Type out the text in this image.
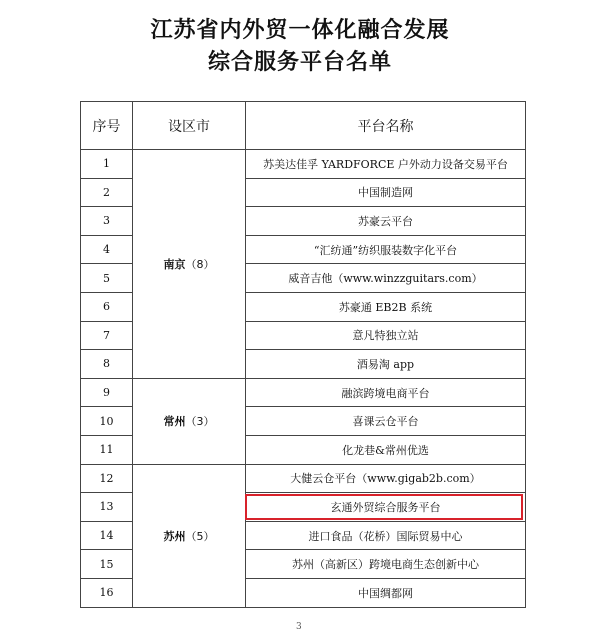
江苏省内外贸一体化融合发展
综合服务平台名单
序号	设区市	平台名称
1	南京（8）	苏美达佳孚 YARDFORCE 户外动力设备交易平台
2		中国制造网
3		苏豪云平台
4		“汇纺通”纺织服装数字化平台
5		威音吉他（www.winzzguitars.com）
6		苏豪通 EB2B 系统
7		意凡特独立站
8		酒易淘 app
9	常州（3）	融滨跨境电商平台
10		喜课云仓平台
11		化龙巷&常州优选
12	苏州（5）	大健云仓平台（www.gigab2b.com）
13		玄通外贸综合服务平台
14		进口食品（花桥）国际贸易中心
15		苏州（高新区）跨境电商生态创新中心
16		中国绸都网
3
